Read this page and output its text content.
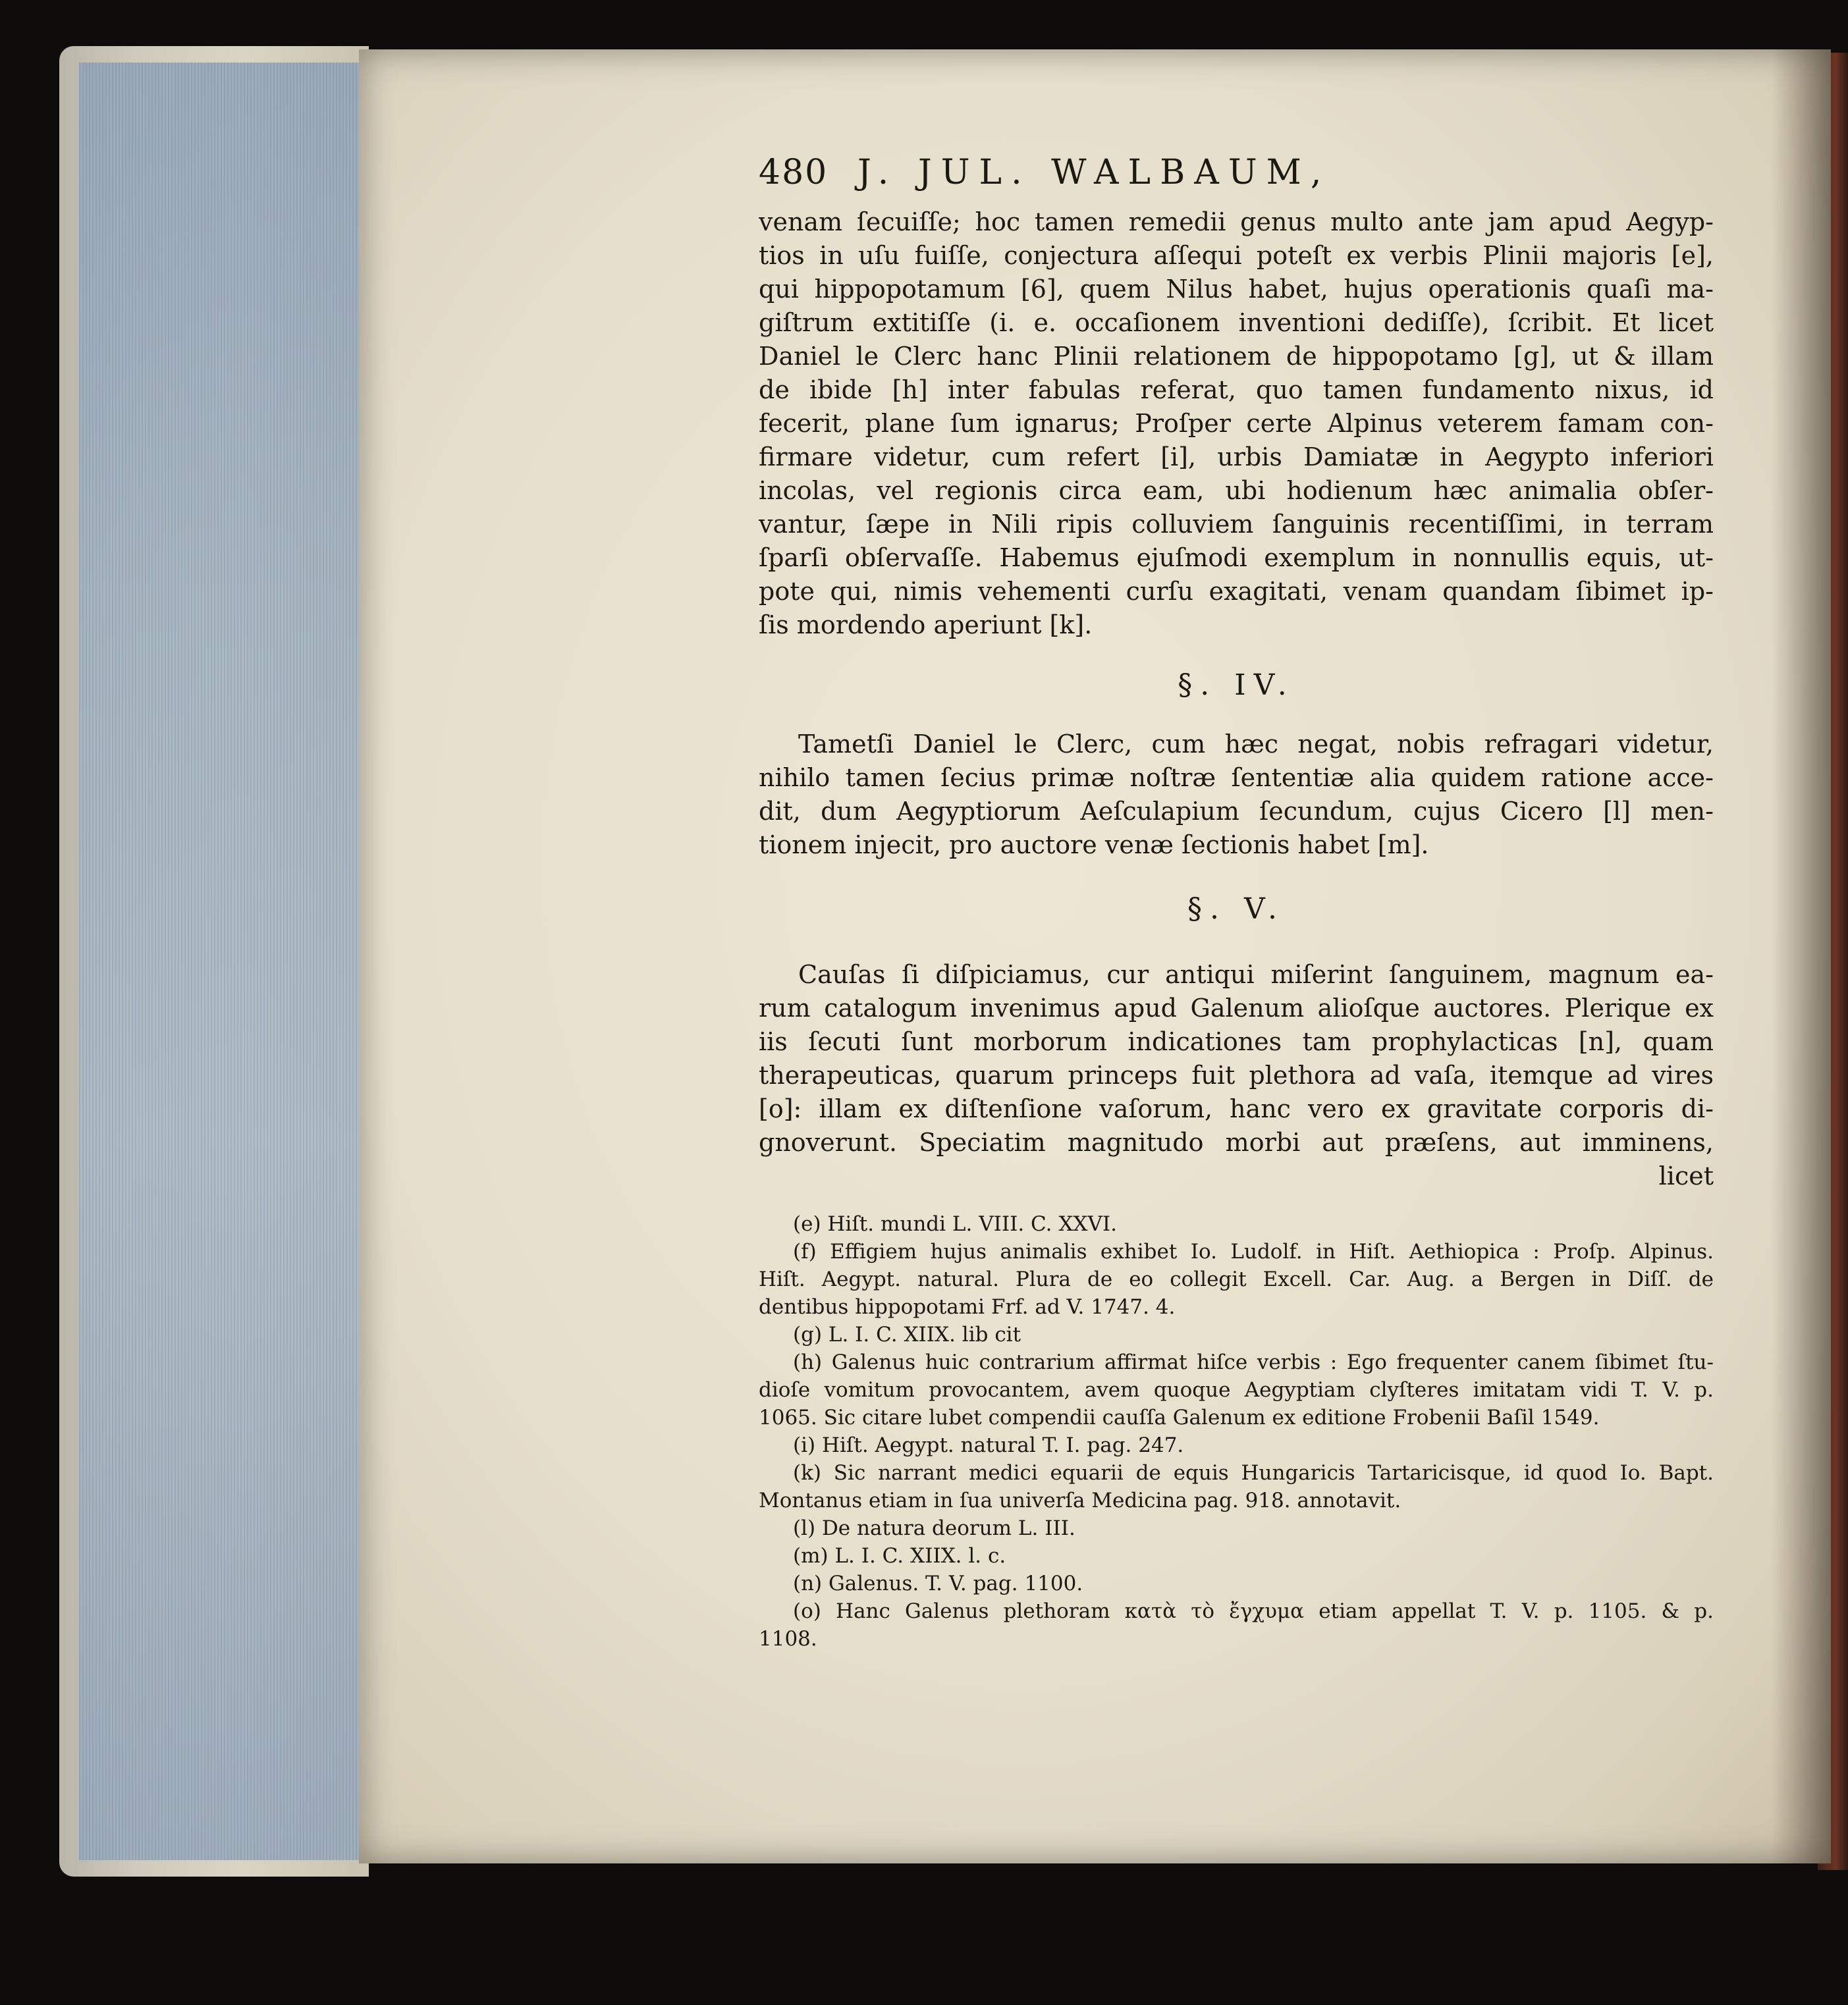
480 J. JUL. WALBAUM,
venam ſecuiſſe; hoc tamen remedii genus multo ante jam apud Aegyp-
tios in uſu fuiſſe, conjectura aſſequi poteſt ex verbis Plinii majoris [e],
qui hippopotamum [6], quem Nilus habet, hujus operationis quaſi ma-
giſtrum extitiſſe (i. e. occaſionem inventioni dediſſe), ſcribit. Et licet
Daniel le Clerc hanc Plinii relationem de hippopotamo [g], ut & illam
de ibide [h] inter fabulas referat, quo tamen fundamento nixus, id
fecerit, plane ſum ignarus; Proſper certe Alpinus veterem famam con-
firmare videtur, cum refert [i], urbis Damiatæ in Aegypto inferiori
incolas, vel regionis circa eam, ubi hodienum hæc animalia obſer-
vantur, ſæpe in Nili ripis colluviem ſanguinis recentiſſimi, in terram
ſparſi obſervaſſe. Habemus ejuſmodi exemplum in nonnullis equis, ut-
pote qui, nimis vehementi curſu exagitati, venam quandam ſibimet ip-
ſis mordendo aperiunt [k].
§. IV.
Tametſi Daniel le Clerc, cum hæc negat, nobis refragari videtur,
nihilo tamen ſecius primæ noſtræ ſententiæ alia quidem ratione acce-
dit, dum Aegyptiorum Aeſculapium ſecundum, cujus Cicero [l] men-
tionem injecit, pro auctore venæ ſectionis habet [m].
§. V.
Cauſas ſi diſpiciamus, cur antiqui miſerint ſanguinem, magnum ea-
rum catalogum invenimus apud Galenum alioſque auctores. Plerique ex
iis ſecuti ſunt morborum indicationes tam prophylacticas [n], quam
therapeuticas, quarum princeps fuit plethora ad vaſa, itemque ad vires
[o]: illam ex diſtenſione vaſorum, hanc vero ex gravitate corporis di-
gnoverunt. Speciatim magnitudo morbi aut præſens, aut imminens,
licet
(e) Hiſt. mundi L. VIII. C. XXVI.
(f) Effigiem hujus animalis exhibet Io. Ludolf. in Hiſt. Aethiopica : Proſp. Alpinus.
Hiſt. Aegypt. natural. Plura de eo collegit Excell. Car. Aug. a Bergen in Diſſ. de
dentibus hippopotami Frf. ad V. 1747. 4.
(g) L. I. C. XIIX. lib cit
(h) Galenus huic contrarium affirmat hiſce verbis : Ego frequenter canem ſibimet ſtu-
dioſe vomitum provocantem, avem quoque Aegyptiam clyſteres imitatam vidi T. V. p.
1065. Sic citare lubet compendii cauſſa Galenum ex editione Frobenii Baſil 1549.
(i) Hiſt. Aegypt. natural T. I. pag. 247.
(k) Sic narrant medici equarii de equis Hungaricis Tartaricisque, id quod Io. Bapt.
Montanus etiam in ſua univerſa Medicina pag. 918. annotavit.
(l) De natura deorum L. III.
(m) L. I. C. XIIX. l. c.
(n) Galenus. T. V. pag. 1100.
(o) Hanc Galenus plethoram κατὰ τὸ ἔγχυμα etiam appellat T. V. p. 1105. & p.
1108.
